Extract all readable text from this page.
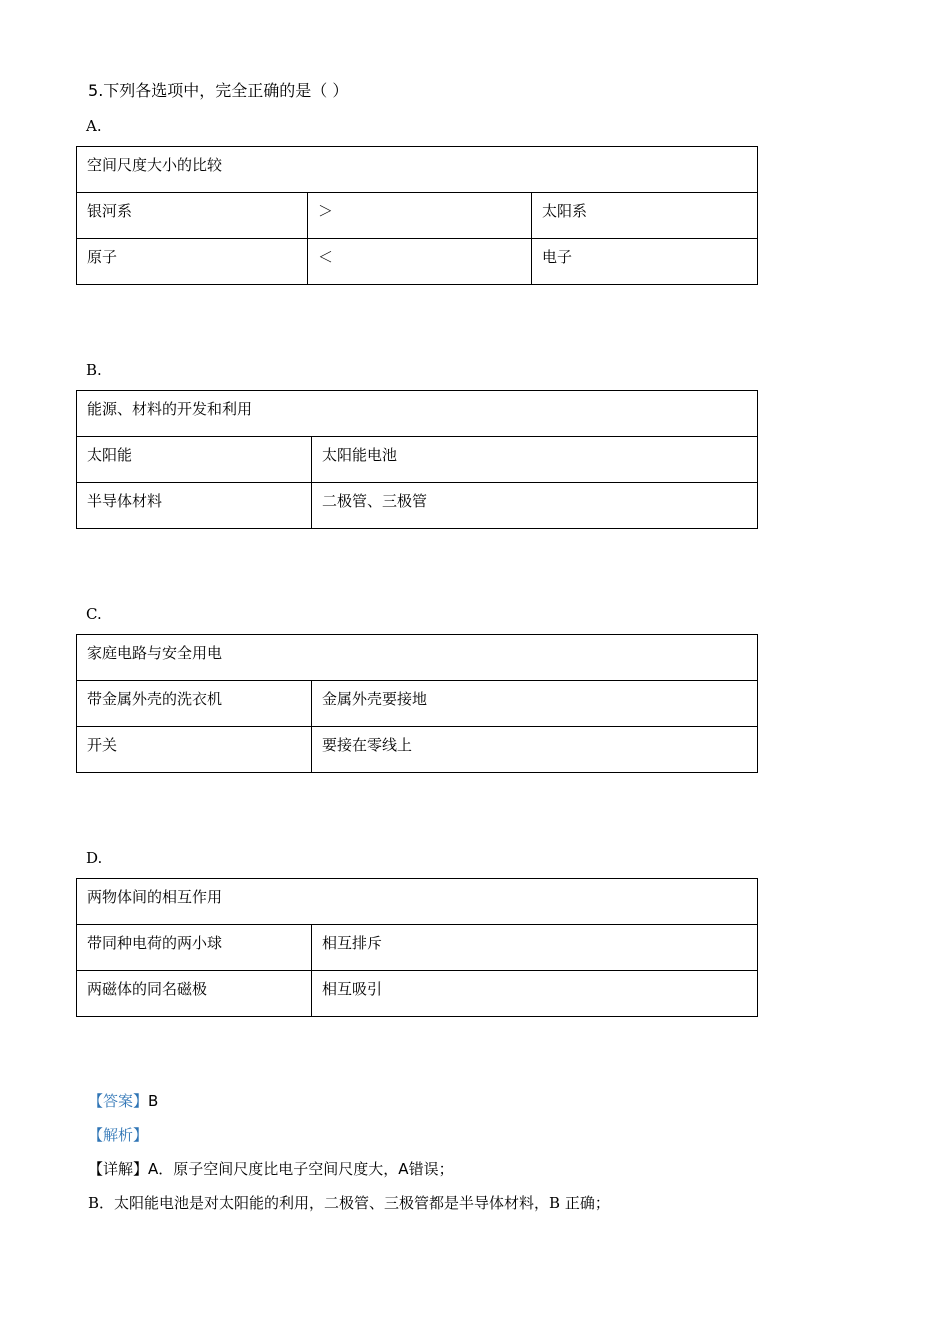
5.下列各选项中，完全正确的是（ ）
A.
空间尺度大小的比较		
银河系	＞	太阳系
原子	＜	电子
B.
能源、材料的开发和利用	
太阳能	太阳能电池
半导体材料	二极管、三极管
C.
家庭电路与安全用电	
带金属外壳的洗衣机	金属外壳要接地
开关	要接在零线上
D.
两物体间的相互作用	
带同种电荷的两小球	相互排斥
两磁体的同名磁极	相互吸引
【答案】B
【解析】
【详解】A．原子空间尺度比电子空间尺度大，A错误；
B．太阳能电池是对太阳能的利用，二极管、三极管都是半导体材料，B 正确；
